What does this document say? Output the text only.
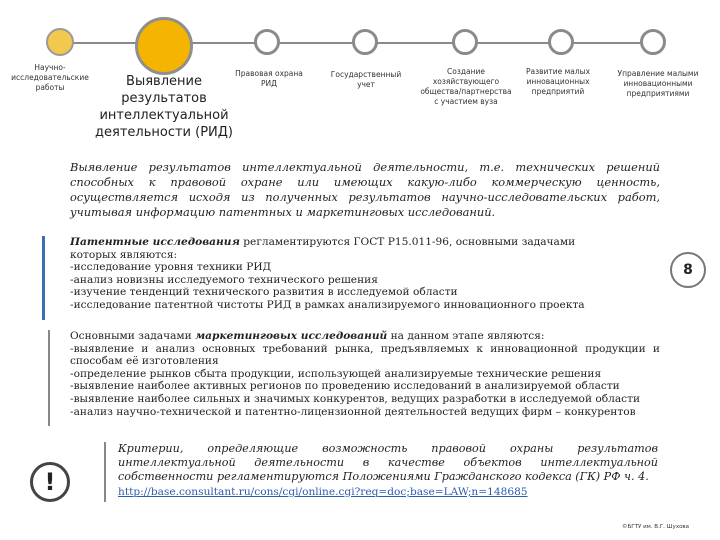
Научно-исследовательские работы	Выявление результатов интеллектуальной деятельности (РИД)
Правовая охрана РИД
Государственный учет
Создание хозяйствующего общества/партнерства с участием вуза
Развитие малых инновационных предприятий
Управление малыми инновационными предприятиями
Выявление результатов интеллектуальной деятельности, т.е. технических решений способных к правовой охране или имеющих какую-либо коммерческую ценность, осуществляется исходя из полученных результатов научно-исследовательских работ, учитывая информацию патентных и маркетинговых исследований.

Патентные исследования регламентируются ГОСТ Р15.011-96, основными задачами которых являются:

-исследование уровня техники РИД

-анализ новизны исследуемого технического решения

-изучение тенденций технического развития в исследуемой области

-исследование патентной чистоты РИД в рамках анализируемого инновационного проекта

8

Основными задачами маркетинговых исследований на данном этапе являются:

-выявление и анализ основных требований рынка, предъявляемых к инновационной продукции и способам её изготовления

-определение рынков сбыта продукции, использующей анализируемые технические решения

-выявление наиболее активных регионов по проведению исследований в анализируемой области

-выявление наиболее сильных и значимых конкурентов, ведущих разработки в исследуемой области

-анализ научно-технической и патентно-лицензионной деятельностей ведущих фирм – конкурентов

!
Критерии, определяющие возможность правовой охраны результатов интеллектуальной деятельности в качестве объектов интеллектуальной собственности регламентируются Положениями Гражданского кодекса (ГК) РФ ч. 4.
http://base.consultant.ru/cons/cgi/online.cgi?req=doc;base=LAW;n=148685
©БГТУ им. В.Г. Шухова
